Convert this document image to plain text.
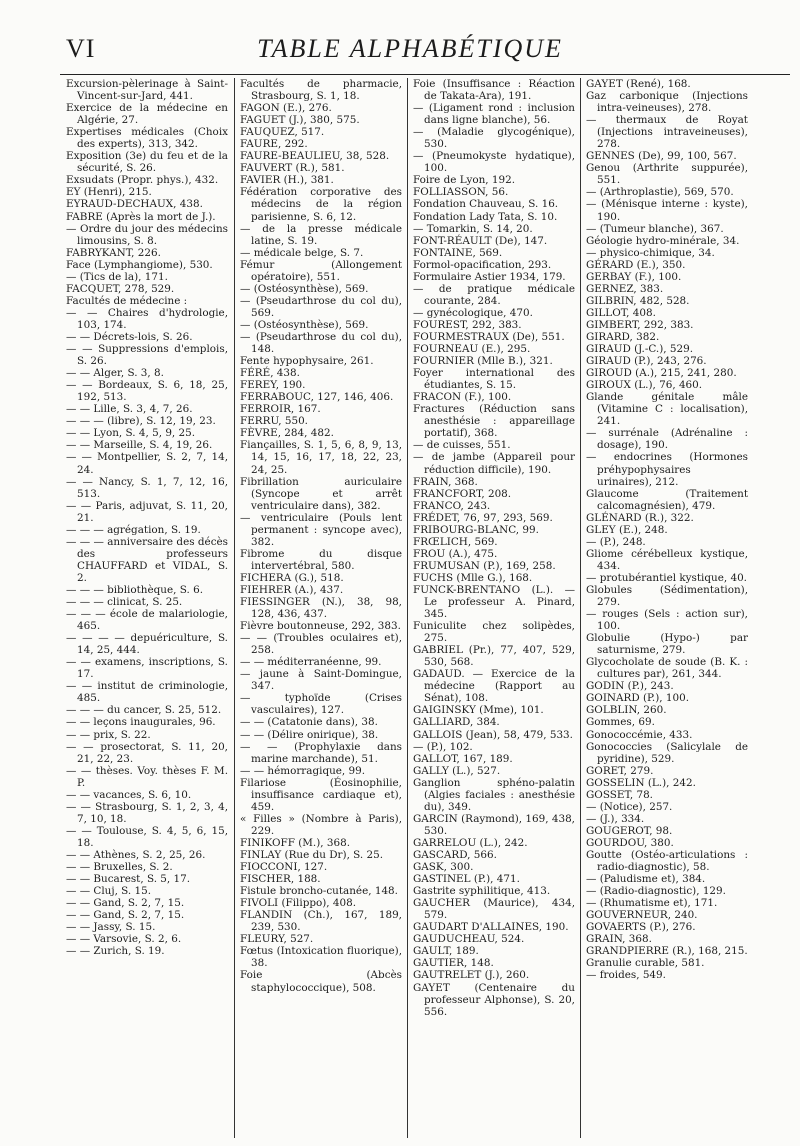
VI	TABLE ALPHABÉTIQUE

Excursion-pèlerinage à Saint-Vincent-sur-Jard, 441.

Exercice de la médecine en Algérie, 27.

Expertises médicales (Choix des experts), 313, 342.

Exposition (3e) du feu et de la sécurité, S. 26.

Exsudats (Propr. phys.), 432.

EY (Henri), 215.

EYRAUD-DECHAUX, 438.

FABRE (Après la mort de J.).

— Ordre du jour des médecins limousins, S. 8.

FABRYKANT, 226.

Face (Lymphangiome), 530.

— (Tics de la), 171.

FACQUET, 278, 529.

Facultés de médecine :

— — Chaires d'hydrologie, 103, 174.

— — Décrets-lois, S. 26.

— — Suppressions d'emplois, S. 26.

— — Alger, S. 3, 8.

— — Bordeaux, S. 6, 18, 25, 192, 513.

— — Lille, S. 3, 4, 7, 26.

— — — (libre), S. 12, 19, 23.

— — Lyon, S. 4, 5, 9, 25.

— — Marseille, S. 4, 19, 26.

— — Montpellier, S. 2, 7, 14, 24.

— — Nancy, S. 1, 7, 12, 16, 513.

— — Paris, adjuvat, S. 11, 20, 21.

— — — agrégation, S. 19.

— — — anniversaire des décès des professeurs CHAUFFARD et VIDAL, S. 2.

— — — bibliothèque, S. 6.

— — — clinicat, S. 25.

— — — école de malariologie, 465.

— — — — depuériculture, S. 14, 25, 444.

— — examens, inscriptions, S. 17.

— — institut de criminologie, 485.

— — — du cancer, S. 25, 512.

— — leçons inaugurales, 96.

— — prix, S. 22.

— — prosectorat, S. 11, 20, 21, 22, 23.

— — thèses. Voy. thèses F. M. P.

— — vacances, S. 6, 10.

— — Strasbourg, S. 1, 2, 3, 4, 7, 10, 18.

— — Toulouse, S. 4, 5, 6, 15, 18.

— — Athènes, S. 2, 25, 26.

— — Bruxelles, S. 2.

— — Bucarest, S. 5, 17.

— — Cluj, S. 15.

— — Gand, S. 2, 7, 15.

— — Gand, S. 2, 7, 15.

— — Jassy, S. 15.

— — Varsovie, S. 2, 6.

— — Zurich, S. 19.

Facultés de pharmacie, Strasbourg, S. 1, 18.

FAGON (E.), 276.

FAGUET (J.), 380, 575.

FAUQUEZ, 517.

FAURE, 292.

FAURE-BEAULIEU, 38, 528.

FAUVERT (R.), 581.

FAVIER (H.), 381.

Fédération corporative des médecins de la région parisienne, S. 6, 12.

— de la presse médicale latine, S. 19.

— médicale belge, S. 7.

Fémur (Allongement opératoire), 551.

— (Ostéosynthèse), 569.

— (Pseudarthrose du col du), 569.

— (Ostéosynthèse), 569.

— (Pseudarthrose du col du), 148.

Fente hypophysaire, 261.

FÉRÉ, 438.

FEREY, 190.

FERRABOUC, 127, 146, 406.

FERROIR, 167.

FERRU, 550.

FÈVRE, 284, 482.

Fiançailles, S. 1, 5, 6, 8, 9, 13, 14, 15, 16, 17, 18, 22, 23, 24, 25.

Fibrillation auriculaire (Syncope et arrêt ventriculaire dans), 382.

— ventriculaire (Pouls lent permanent : syncope avec), 382.

Fibrome du disque intervertébral, 580.

FICHERA (G.), 518.

FIEHRER (A.), 437.

FIESSINGER (N.), 38, 98, 128, 436, 437.

Fièvre boutonneuse, 292, 383.

— — (Troubles oculaires et), 258.

— — méditerranéenne, 99.

— jaune à Saint-Domingue, 347.

— typhoïde (Crises vasculaires), 127.

— — (Catatonie dans), 38.

— — (Délire onirique), 38.

— — (Prophylaxie dans marine marchande), 51.

— — hémorragique, 99.

Filariose (Éosinophilie, insuffisance cardiaque et), 459.

« Filles » (Nombre à Paris), 229.

FINIKOFF (M.), 368.

FINLAY (Rue du Dr), S. 25.

FIOCCONI, 127.

FISCHER, 188.

Fistule broncho-cutanée, 148.

FIVOLI (Filippo), 408.

FLANDIN (Ch.), 167, 189, 239, 530.

FLEURY, 527.

Fœtus (Intoxication fluorique), 38.

Foie (Abcès staphylococcique), 508.

Foie (Insuffisance : Réaction de Takata-Ara), 191.

— (Ligament rond : inclusion dans ligne blanche), 56.

— (Maladie glycogénique), 530.

— (Pneumokyste hydatique), 100.

Foire de Lyon, 192.

FOLLIASSON, 56.

Fondation Chauveau, S. 16.

Fondation Lady Tata, S. 10.

— Tomarkin, S. 14, 20.

FONT-RÉAULT (De), 147.

FONTAINE, 569.

Formol-opacification, 293.

Formulaire Astier 1934, 179.

— de pratique médicale courante, 284.

— gynécologique, 470.

FOUREST, 292, 383.

FOURMESTRAUX (De), 551.

FOURNEAU (E.), 295.

FOURNIER (Mlle B.), 321.

Foyer international des étudiantes, S. 15.

FRACON (F.), 100.

Fractures (Réduction sans anesthésie : appareillage portatif), 368.

— de cuisses, 551.

— de jambe (Appareil pour réduction difficile), 190.

FRAIN, 368.

FRANCFORT, 208.

FRANCO, 243.

FRÉDET, 76, 97, 293, 569.

FRIBOURG-BLANC, 99.

FRŒLICH, 569.

FROU (A.), 475.

FRUMUSAN (P.), 169, 258.

FUCHS (Mlle G.), 168.

FUNCK-BRENTANO (L.). — Le professeur A. Pinard, 345.

Funiculite chez solipèdes, 275.

GABRIEL (Pr.), 77, 407, 529, 530, 568.

GADAUD. — Exercice de la médecine (Rapport au Sénat), 108.

GAIGINSKY (Mme), 101.

GALLIARD, 384.

GALLOIS (Jean), 58, 479, 533.

— (P.), 102.

GALLOT, 167, 189.

GALLY (L.), 527.

Ganglion sphéno-palatin (Algies faciales : anesthésie du), 349.

GARCIN (Raymond), 169, 438, 530.

GARRELOU (L.), 242.

GASCARD, 566.

GASK, 300.

GASTINEL (P.), 471.

Gastrite syphilitique, 413.

GAUCHER (Maurice), 434, 579.

GAUDART D'ALLAINES, 190.

GAUDUCHEAU, 524.

GAULT, 189.

GAUTIER, 148.

GAUTRELET (J.), 260.

GAYET (Centenaire du professeur Alphonse), S. 20, 556.

GAYET (René), 168.

Gaz carbonique (Injections intra-veineuses), 278.

— thermaux de Royat (Injections intraveineuses), 278.

GENNES (De), 99, 100, 567.

Genou (Arthrite suppurée), 551.

— (Arthroplastie), 569, 570.

— (Ménisque interne : kyste), 190.

— (Tumeur blanche), 367.

Géologie hydro-minérale, 34.

— physico-chimique, 34.

GÉRARD (E.), 350.

GERBAY (F.), 100.

GERNEZ, 383.

GILBRIN, 482, 528.

GILLOT, 408.

GIMBERT, 292, 383.

GIRARD, 382.

GIRAUD (J.-C.), 529.

GIRAUD (P.), 243, 276.

GIROUD (A.), 215, 241, 280.

GIROUX (L.), 76, 460.

Glande génitale mâle (Vitamine C : localisation), 241.

— surrénale (Adrénaline : dosage), 190.

— endocrines (Hormones préhypophysaires urinaires), 212.

Glaucome (Traitement calcomagnésien), 479.

GLÉNARD (R.), 322.

GLEY (E.), 248.

— (P.), 248.

Gliome cérébelleux kystique, 434.

— protubérantiel kystique, 40.

Globules (Sédimentation), 279.

— rouges (Sels : action sur), 100.

Globulie (Hypo-) par saturnisme, 279.

Glycocholate de soude (B. K. : cultures par), 261, 344.

GODIN (P.), 243.

GOINARD (P.), 100.

GOLBLIN, 260.

Gommes, 69.

Gonococcémie, 433.

Gonococcies (Salicylale de pyridine), 529.

GORET, 279.

GOSSELIN (L.), 242.

GOSSET, 78.

— (Notice), 257.

— (J.), 334.

GOUGEROT, 98.

GOURDOU, 380.

Goutte (Ostéo-articulations : radio-diagnostic), 58.

— (Paludisme et), 384.

— (Radio-diagnostic), 129.

— (Rhumatisme et), 171.

GOUVERNEUR, 240.

GOVAERTS (P.), 276.

GRAIN, 368.

GRANDPIERRE (R.), 168, 215.

Granulie curable, 581.

— froides, 549.
